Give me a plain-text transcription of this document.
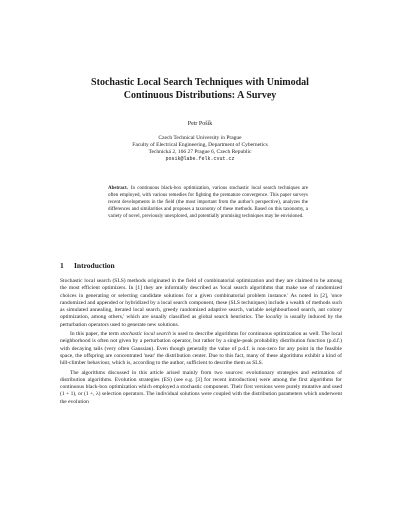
Stochastic Local Search Techniques with Unimodal
Continuous Distributions: A Survey
Petr Pošík
Czech Technical University in Prague
Faculty of Electrical Engineering, Department of Cybernetics
Technická 2, 166 27 Prague 6, Czech Republic
posik@labe.felk.cvut.cz
Abstract. In continuous black-box optimization, various stochastic local search techniques are often employed, with various remedies for fighting the premature convergence. This paper surveys recent developments in the field (the most important from the author's perspective), analyzes the differences and similarities and proposes a taxonomy of these methods. Based on this taxonomy, a variety of novel, previously unexplored, and potentially promising techniques may be envisioned.
1 Introduction

Stochastic local search (SLS) methods originated in the field of combinatorial optimization and they are claimed to be among the most efficient optimizers. In [1] they are informally described as 'local search algorithms that make use of randomized choices in generating or selecting candidate solutions for a given combinatorial problem instance.' As noted in [2], 'once randomized and appended or hybridized by a local search component, these (SLS techniques) include a wealth of methods such as simulated annealing, iterated local search, greedy randomized adaptive search, variable neighbourhood search, ant colony optimization, among others,' which are usually classified as global search heuristics. The locality is usually induced by the perturbation operators used to generate new solutions.

In this paper, the term stochastic local search is used to describe algorithms for continuous optimization as well. The local neighborhood is often not given by a perturbation operator, but rather by a single-peak probability distribution function (p.d.f.) with decaying tails (very often Gaussian). Even though generally the value of p.d.f. is non-zero for any point in the feasible space, the offspring are concentrated 'near' the distribution center. Due to this fact, many of these algorithms exhibit a kind of hill-climber behaviour, which is, according to the author, sufficient to describe them as SLS.

The algorithms discussed in this article arised mainly from two sources: evolutionary strategies and estimation of distribution algorithms. Evolution strategies (ES) (see e.g. [3] for recent introduction) were among the first algorithms for continuous black-box optimization which employed a stochastic component. Their first versions were purely mutative and used (1 + 1), or (1 +, λ) selection operators. The individual solutions were coupled with the distribution parameters which underwent the evolution
